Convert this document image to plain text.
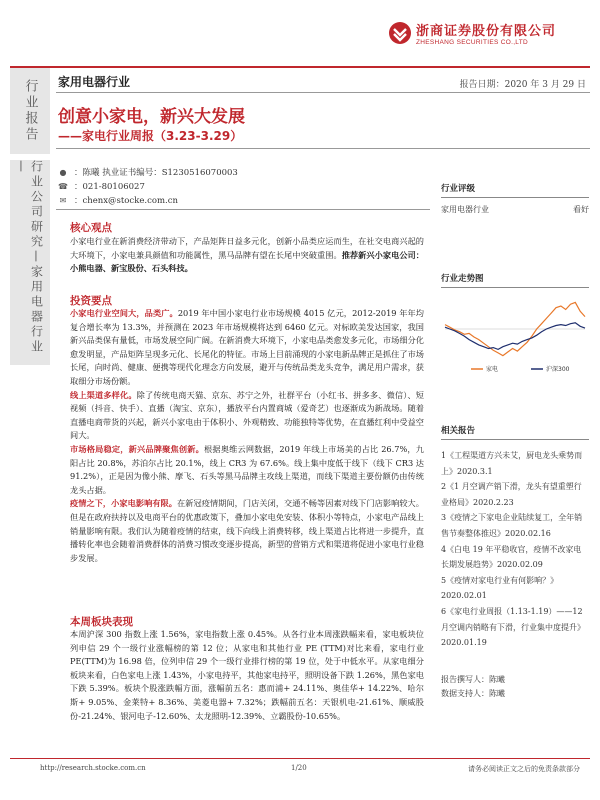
浙商证券股份有限公司
ZHESHANG SECURITIES CO.,LTD
行业报告
行业公司研究—家用电器行业—
家用电器行业	报告日期：2020 年 3 月 29 日
创意小家电，新兴大发展
——家电行业周报（3.23-3.29）
● ：陈曦 执业证书编号：S1230516070003
☎ ：021-80106027
✉ ：chenx@stocke.com.cn
核心观点
小家电行业在新消费经济带动下，产品矩阵日益多元化，创新小品类应运而生，在社交电商兴起的大环境下，小家电兼具颜值和功能属性，黑马品牌有望在长尾中突破重围。推荐新兴小家电公司：小熊电器、新宝股份、石头科技。
投资要点

小家电行业空间大，品类广。2019 年中国小家电行业市场规模 4015 亿元，2012-2019 年年均复合增长率为 13.3%，并预测在 2023 年市场规模将达到 6460 亿元。对标欧美发达国家，我国新兴品类保有量低，市场发展空间广阔。在新消费大环境下，小家电品类愈发多元化，市场细分化愈发明显，产品矩阵呈现多元化、长尾化的特征。市场上目前涌现的小家电新品牌正是抓住了市场长尾，向时尚、健康、便携等现代化理念方向发展，避开与传统品类龙头竞争，满足用户需求，获取细分市场份额。

线上渠道多样化。除了传统电商天猫、京东、苏宁之外，社群平台（小红书、拼多多、微信）、短视频（抖音、快手）、直播（淘宝、京东），播放平台内置商城（爱奇艺）也逐渐成为新战场。随着直播电商带货的兴起，新兴小家电由于体积小、外观精致、功能独特等优势，在直播红利中受益空间大。

市场格局稳定，新兴品牌聚焦创新。根据奥维云网数据，2019 年线上市场美的占比 26.7%，九阳占比 20.8%，苏泊尔占比 20.1%，线上 CR3 为 67.6%。线上集中度低于线下（线下 CR3 达 91.2%），正是因为像小熊、摩飞、石头等黑马品牌主攻线上渠道，而线下渠道主要份额仍由传统龙头占据。

疫情之下，小家电影响有限。在新冠疫情期间，门店关闭，交通不畅等因素对线下门店影响较大。但是在政府扶持以及电商平台的优惠政策下，叠加小家电免安装、体积小等特点，小家电产品线上销量影响有限。我们认为随着疫情的结束，线下向线上消费转移，线上渠道占比将进一步提升，直播转化率也会随着消费群体的消费习惯改变逐步提高，新型的营销方式和渠道将促进小家电行业稳步发展。

本周板块表现
本周沪深 300 指数上涨 1.56%，家电指数上涨 0.45%。从各行业本周涨跌幅来看，家电板块位列申信 29 个一级行业涨幅榜的第 12 位；从家电和其他行业 PE (TTM)对比来看，家电行业 PE(TTM)为 16.98 倍，位列申信 29 个一级行业排行榜的第 19 位，处于中低水平。从家电细分板块来看，白色家电上涨 1.43%，小家电持平，其他家电持平，照明设备下跌 1.26%，黑色家电下跌 5.39%。板块个股涨跌幅方面，涨幅前五名：惠而浦+ 24.11%、奥佳华+ 14.22%、哈尔斯+ 9.05%、金莱特+ 8.36%、美菱电器+ 7.32%；跌幅前五名：天银机电-21.61%、顺威股份-21.24%、银河电子-12.60%、太龙照明-12.39%、立霸股份-10.65%。
行业评级
家用电器行业	看好
行业走势图
家电	沪深300
相关报告
1《工程渠道方兴未艾，厨电龙头乘势而上》2020.3.1
2《1 月空调产销下滑，龙头有望重塑行业格局》2020.2.23
3《疫情之下家电企业陆续复工，全年销售节奏整体推迟》2020.02.16
4《白电 19 年平稳收官，疫情不改家电长期发展趋势》2020.02.09
5《疫情对家电行业有何影响？》2020.02.01
6《家电行业周报（1.13-1.19）——12 月空调内销略有下滑，行业集中度提升》2020.01.19
报告撰写人：陈曦
数据支持人：陈曦
http://research.stocke.com.cn	1/20	请务必阅读正文之后的免责条款部分
